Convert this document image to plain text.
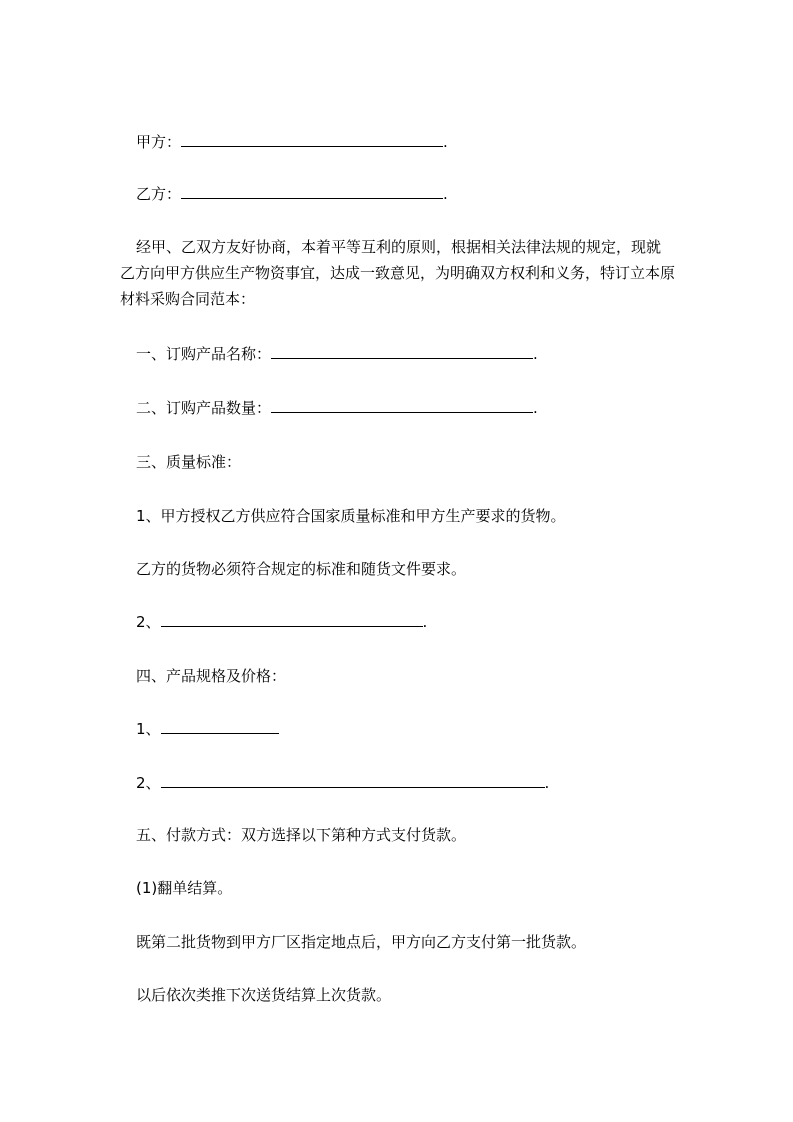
甲方：	.
乙方：	.
经甲、乙双方友好协商，本着平等互利的原则，根据相关法律法规的规定，现就
乙方向甲方供应生产物资事宜，达成一致意见，为明确双方权利和义务，特订立本原
材料采购合同范本：
一、订购产品名称：	.
二、订购产品数量：	.
三、质量标准：
1、甲方授权乙方供应符合国家质量标准和甲方生产要求的货物。
乙方的货物必须符合规定的标准和随货文件要求。
2、	.
四、产品规格及价格：
1、
2、	.
五、付款方式：双方选择以下第种方式支付货款。
(1)翻单结算。
既第二批货物到甲方厂区指定地点后，甲方向乙方支付第一批货款。
以后依次类推下次送货结算上次货款。
